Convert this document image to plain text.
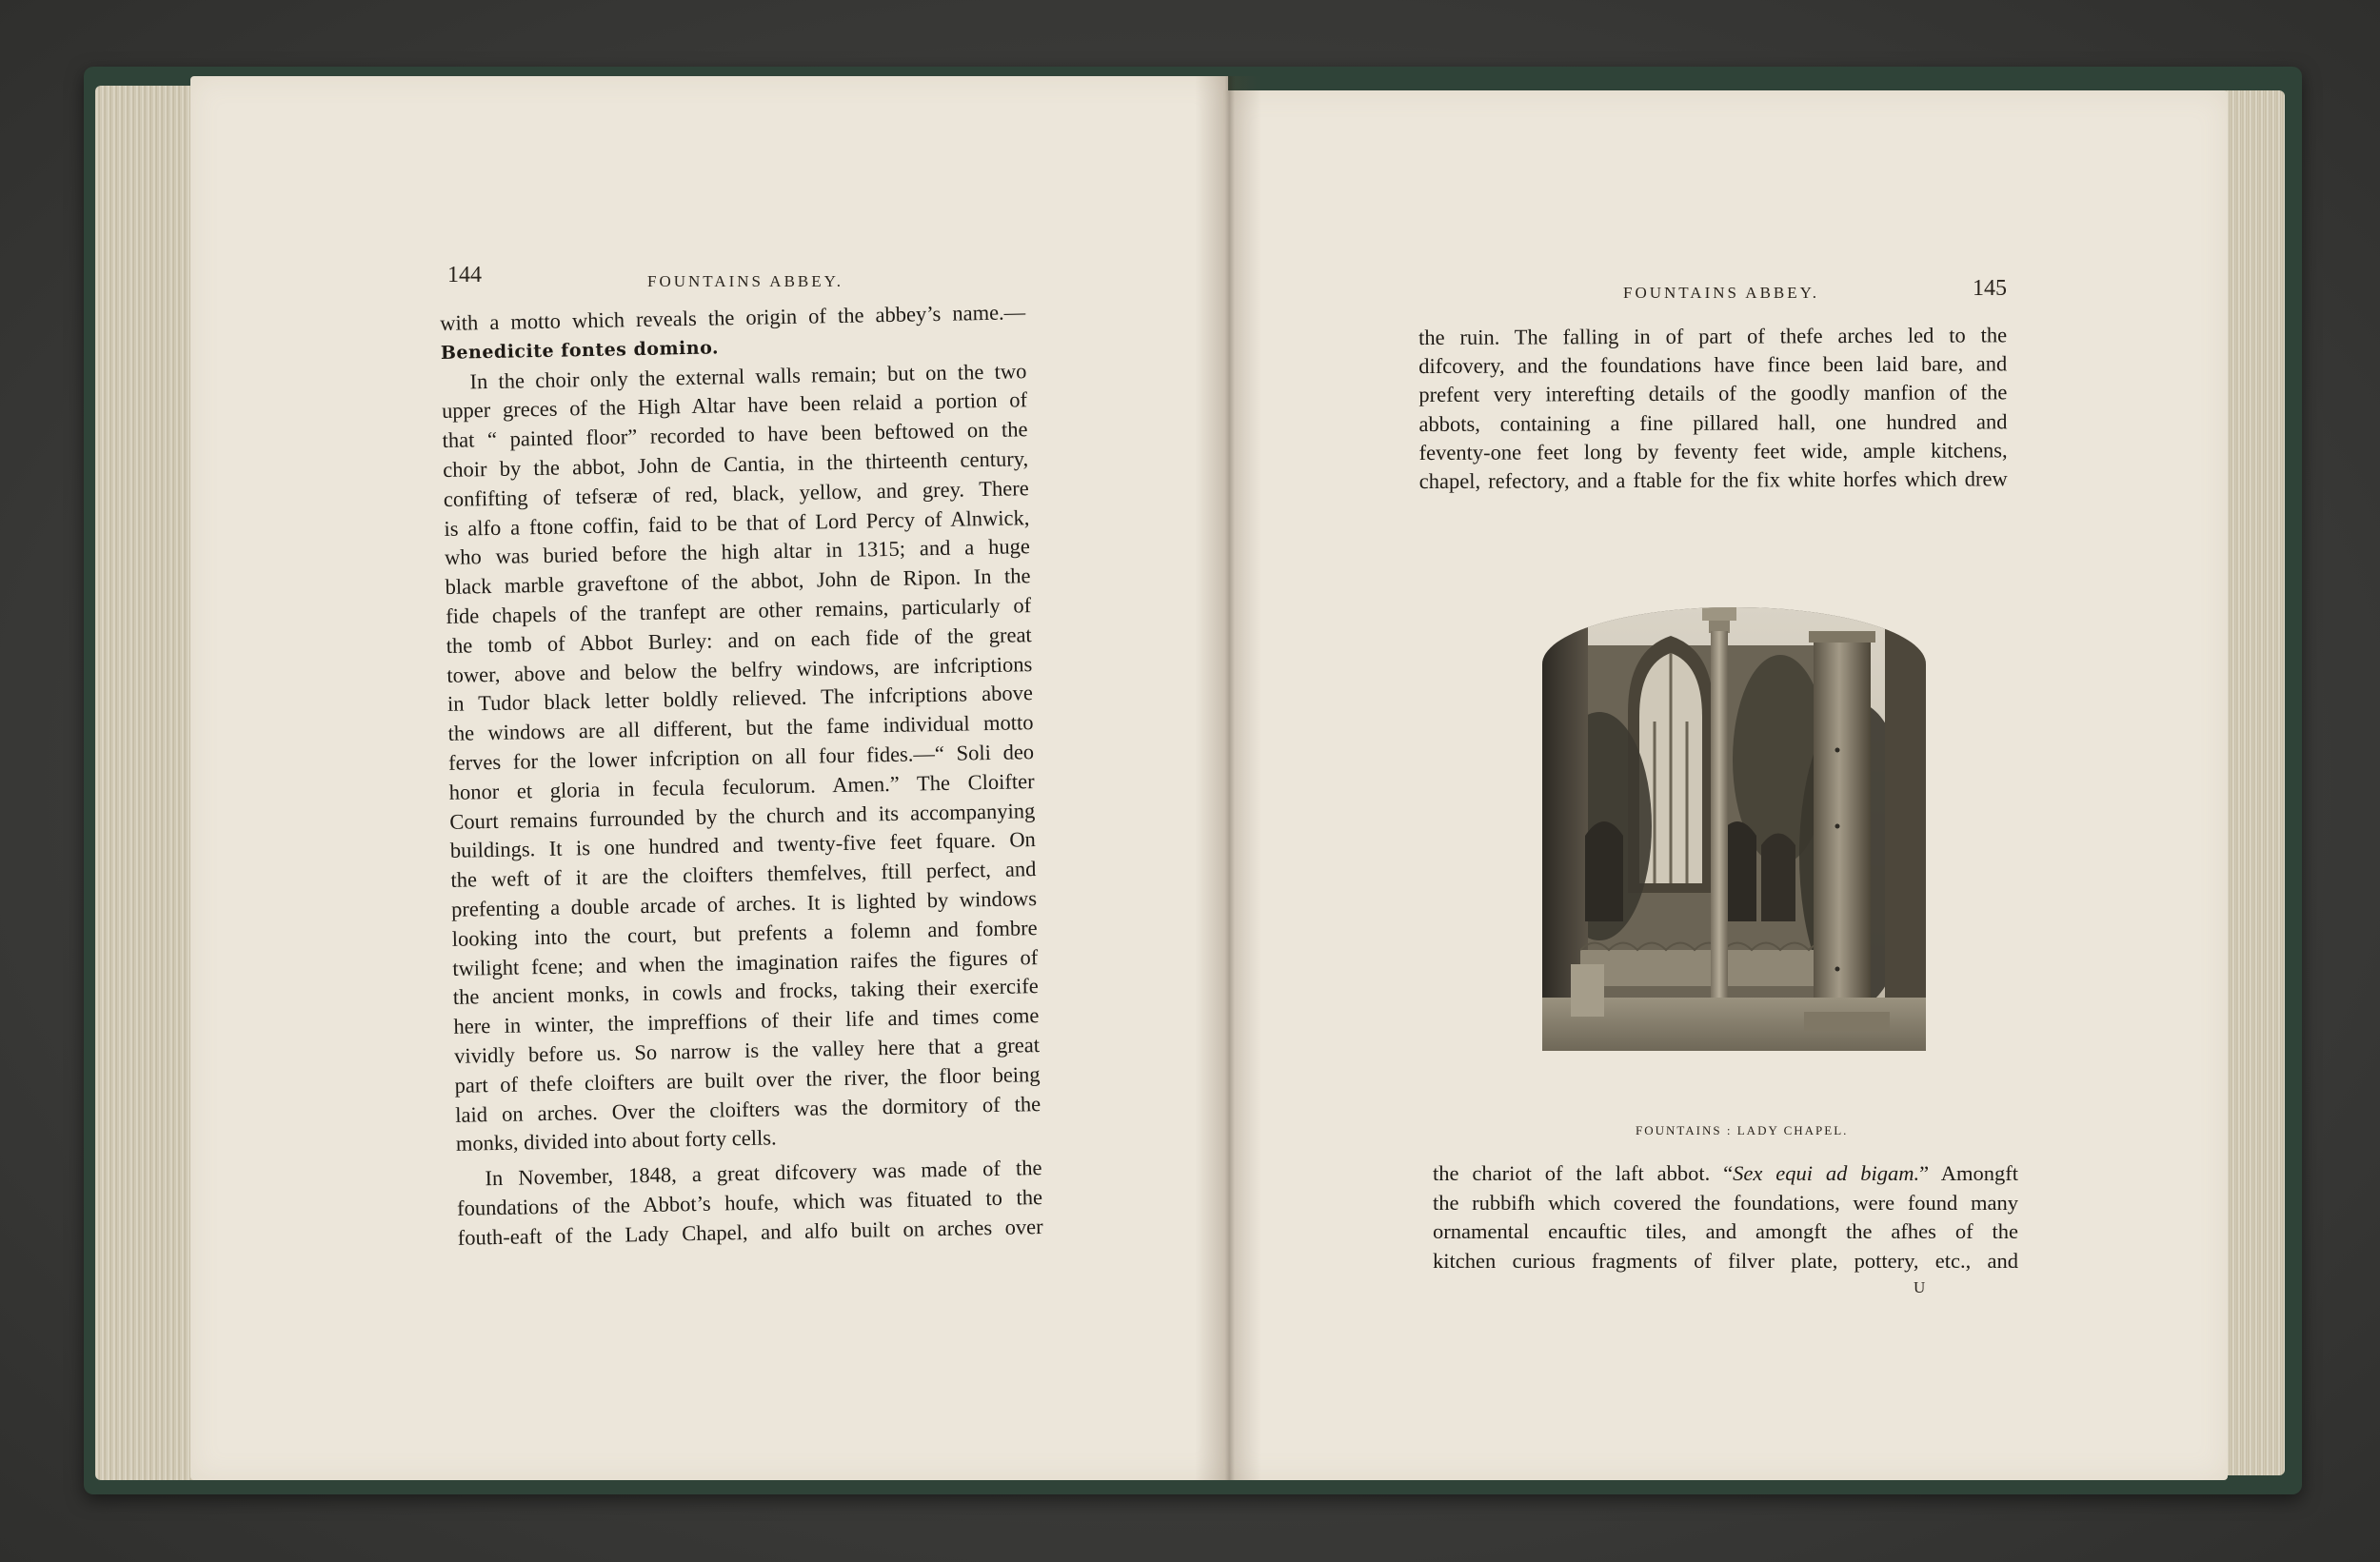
144	FOUNTAINS ABBEY.
with a motto which reveals the origin of the abbey’s name.—
Benedicite fontes domino.
In the choir only the external walls remain; but on the two
upper greces of the High Altar have been relaid a portion of
that “ painted floor” recorded to have been beftowed on the
choir by the abbot, John de Cantia, in the thirteenth century,
confifting of tefseræ of red, black, yellow, and grey. There
is alfo a ftone coffin, faid to be that of Lord Percy of Alnwick,
who was buried before the high altar in 1315; and a huge
black marble graveftone of the abbot, John de Ripon. In the
fide chapels of the tranfept are other remains, particularly of
the tomb of Abbot Burley: and on each fide of the great
tower, above and below the belfry windows, are infcriptions
in Tudor black letter boldly relieved. The infcriptions above
the windows are all different, but the fame individual motto
ferves for the lower infcription on all four fides.—“ Soli deo
honor et gloria in fecula feculorum. Amen.” The Cloifter
Court remains furrounded by the church and its accompanying
buildings. It is one hundred and twenty-five feet fquare. On
the weft of it are the cloifters themfelves, ftill perfect, and
prefenting a double arcade of arches. It is lighted by windows
looking into the court, but prefents a folemn and fombre
twilight fcene; and when the imagination raifes the figures of
the ancient monks, in cowls and frocks, taking their exercife
here in winter, the impreffions of their life and times come
vividly before us. So narrow is the valley here that a great
part of thefe cloifters are built over the river, the floor being
laid on arches. Over the cloifters was the dormitory of the
monks, divided into about forty cells.
In November, 1848, a great difcovery was made of the
foundations of the Abbot’s houfe, which was fituated to the
fouth-eaft of the Lady Chapel, and alfo built on arches over
FOUNTAINS ABBEY.	145
the ruin. The falling in of part of thefe arches led to the
difcovery, and the foundations have fince been laid bare, and
prefent very interefting details of the goodly manfion of the
abbots, containing a fine pillared hall, one hundred and
feventy-one feet long by feventy feet wide, ample kitchens,
chapel, refectory, and a ftable for the fix white horfes which drew
FOUNTAINS : LADY CHAPEL.
the chariot of the laft abbot. “Sex equi ad bigam.” Amongft
the rubbifh which covered the foundations, were found many
ornamental encauftic tiles, and amongft the afhes of the
kitchen curious fragments of filver plate, pottery, etc., and
U
